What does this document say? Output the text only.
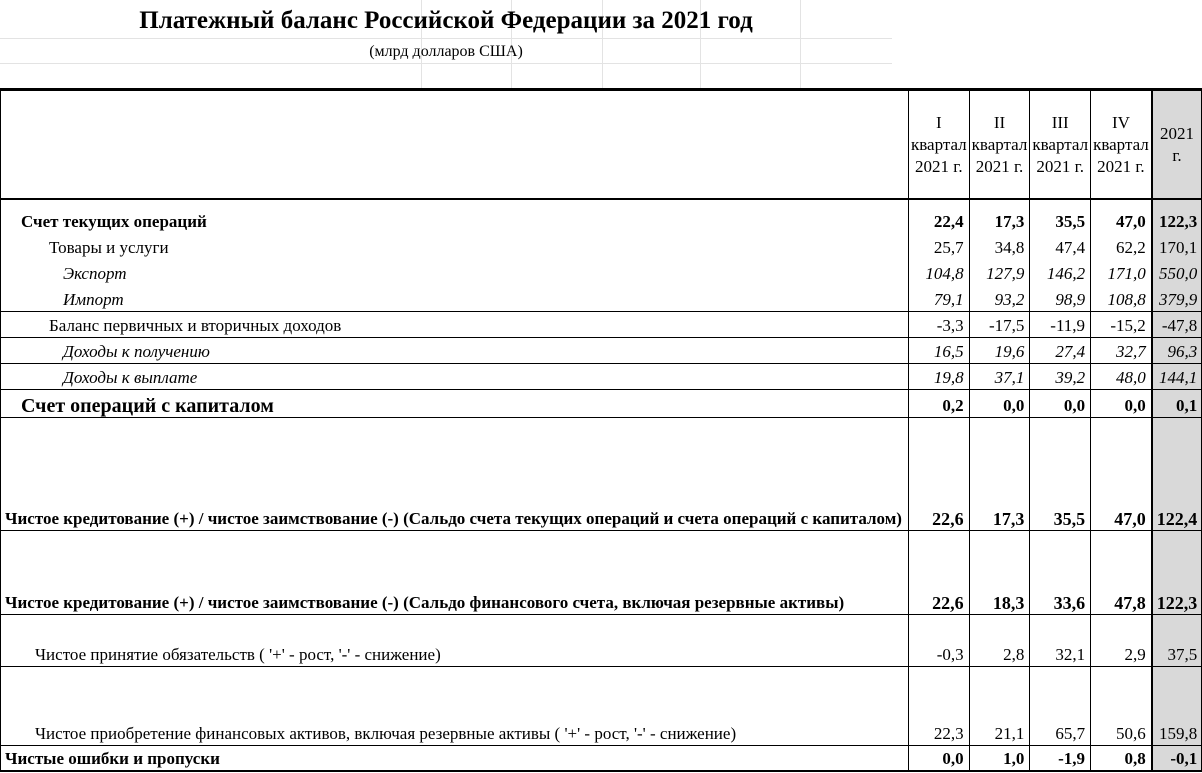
Платежный баланс Российской Федерации за 2021 год
(млрд долларов США)
	I квартал
2021 г.	II квартал
2021 г.	III квартал
2021 г.	IV квартал
2021 г.	2021 г.
Счет текущих операций	22,4	17,3	35,5	47,0	122,3
Товары и услуги	25,7	34,8	47,4	62,2	170,1
Экспорт	104,8	127,9	146,2	171,0	550,0
Импорт	79,1	93,2	98,9	108,8	379,9
Баланс первичных и вторичных доходов	-3,3	-17,5	-11,9	-15,2	-47,8
Доходы к получению	16,5	19,6	27,4	32,7	96,3
Доходы к выплате	19,8	37,1	39,2	48,0	144,1
Счет операций с капиталом	0,2	0,0	0,0	0,0	0,1
Чистое кредитование (+) / чистое заимствование (-) (Сальдо счета текущих операций и счета операций с капиталом)	22,6	17,3	35,5	47,0	122,4
Чистое кредитование (+) / чистое заимствование (-) (Сальдо финансового счета, включая резервные активы)	22,6	18,3	33,6	47,8	122,3
Чистое принятие обязательств ( '+' - рост, '-' - снижение)	-0,3	2,8	32,1	2,9	37,5
Чистое приобретение финансовых активов, включая резервные активы ( '+' - рост, '-' - снижение)	22,3	21,1	65,7	50,6	159,8
Чистые ошибки и пропуски	0,0	1,0	-1,9	0,8	-0,1
